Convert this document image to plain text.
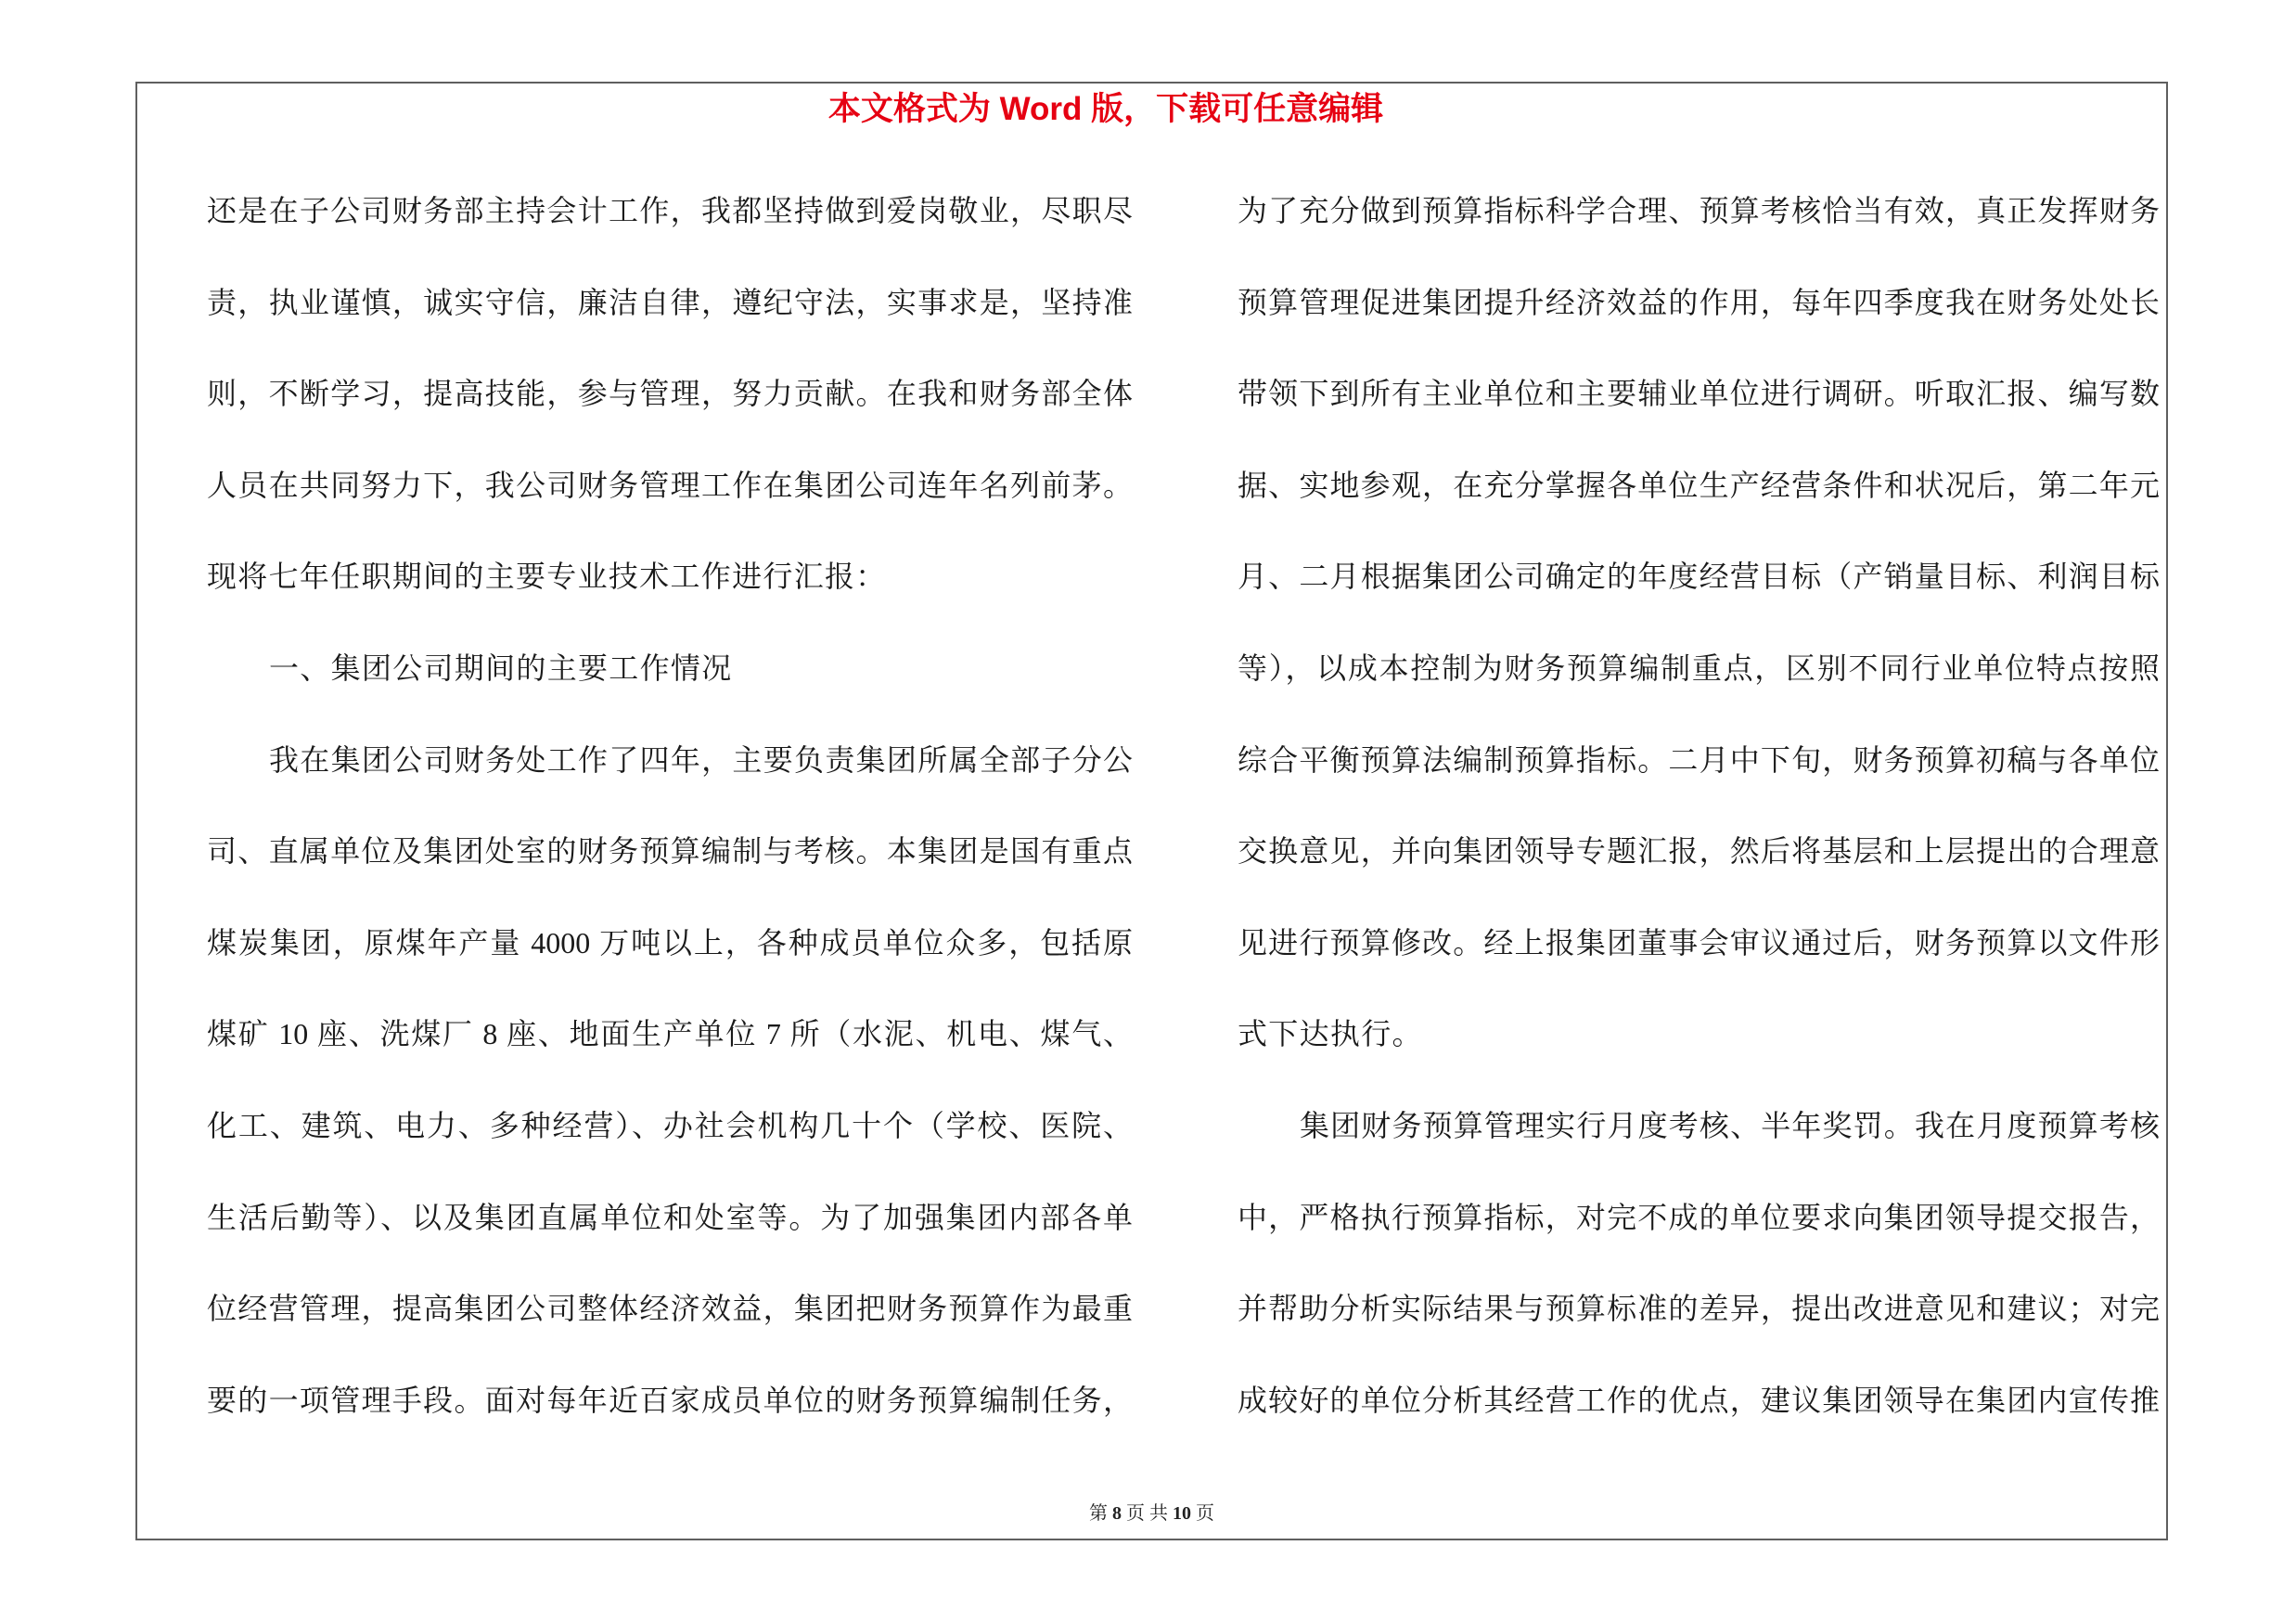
本文格式为 Word 版，下载可任意编辑
还是在子公司财务部主持会计工作，我都坚持做到爱岗敬业，尽职尽
责，执业谨慎，诚实守信，廉洁自律，遵纪守法，实事求是，坚持准
则，不断学习，提高技能，参与管理，努力贡献。在我和财务部全体
人员在共同努力下，我公司财务管理工作在集团公司连年名列前茅。
现将七年任职期间的主要专业技术工作进行汇报：
一、集团公司期间的主要工作情况
我在集团公司财务处工作了四年，主要负责集团所属全部子分公
司、直属单位及集团处室的财务预算编制与考核。本集团是国有重点
煤炭集团，原煤年产量 4000 万吨以上，各种成员单位众多，包括原
煤矿 10 座、洗煤厂 8 座、地面生产单位 7 所（水泥、机电、煤气、
化工、建筑、电力、多种经营）、办社会机构几十个（学校、医院、
生活后勤等）、以及集团直属单位和处室等。为了加强集团内部各单
位经营管理，提高集团公司整体经济效益，集团把财务预算作为最重
要的一项管理手段。面对每年近百家成员单位的财务预算编制任务，
为了充分做到预算指标科学合理、预算考核恰当有效，真正发挥财务
预算管理促进集团提升经济效益的作用，每年四季度我在财务处处长
带领下到所有主业单位和主要辅业单位进行调研。听取汇报、编写数
据、实地参观，在充分掌握各单位生产经营条件和状况后，第二年元
月、二月根据集团公司确定的年度经营目标（产销量目标、利润目标
等），以成本控制为财务预算编制重点，区别不同行业单位特点按照
综合平衡预算法编制预算指标。二月中下旬，财务预算初稿与各单位
交换意见，并向集团领导专题汇报，然后将基层和上层提出的合理意
见进行预算修改。经上报集团董事会审议通过后，财务预算以文件形
式下达执行。
集团财务预算管理实行月度考核、半年奖罚。我在月度预算考核
中，严格执行预算指标，对完不成的单位要求向集团领导提交报告，
并帮助分析实际结果与预算标准的差异，提出改进意见和建议；对完
成较好的单位分析其经营工作的优点，建议集团领导在集团内宣传推
第 8 页 共 10 页
